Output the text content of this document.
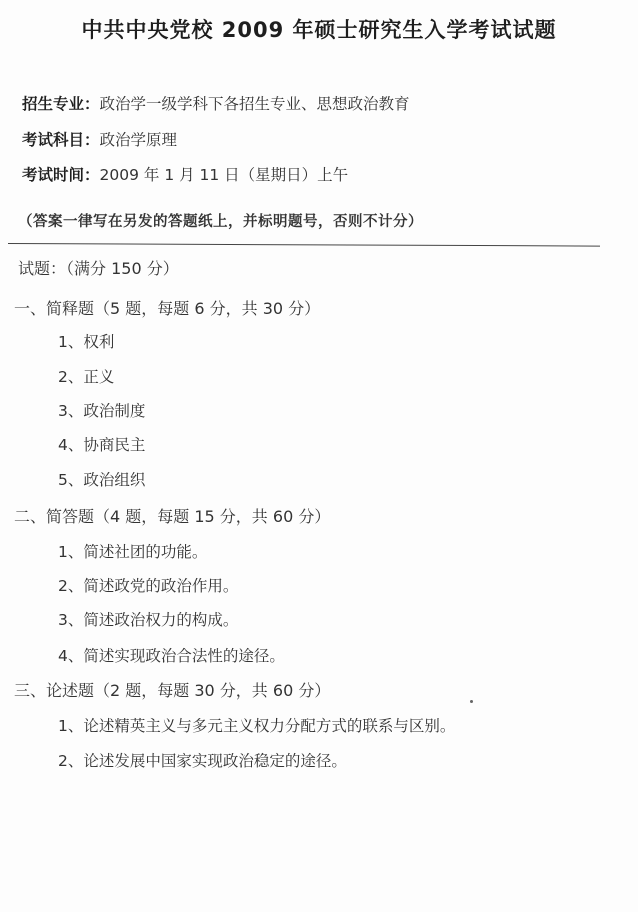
中共中央党校 2009 年硕士研究生入学考试试题
招生专业：政治学一级学科下各招生专业、思想政治教育
考试科目：政治学原理
考试时间：2009 年 1 月 11 日（星期日）上午
（答案一律写在另发的答题纸上，并标明题号，否则不计分）
试题：（满分 150 分）
一、简释题（5 题，每题 6 分，共 30 分）
1、权利
2、正义
3、政治制度
4、协商民主
5、政治组织
二、简答题（4 题，每题 15 分，共 60 分）
1、简述社团的功能。
2、简述政党的政治作用。
3、简述政治权力的构成。
4、简述实现政治合法性的途径。
三、论述题（2 题，每题 30 分，共 60 分）
1、论述精英主义与多元主义权力分配方式的联系与区别。
2、论述发展中国家实现政治稳定的途径。
